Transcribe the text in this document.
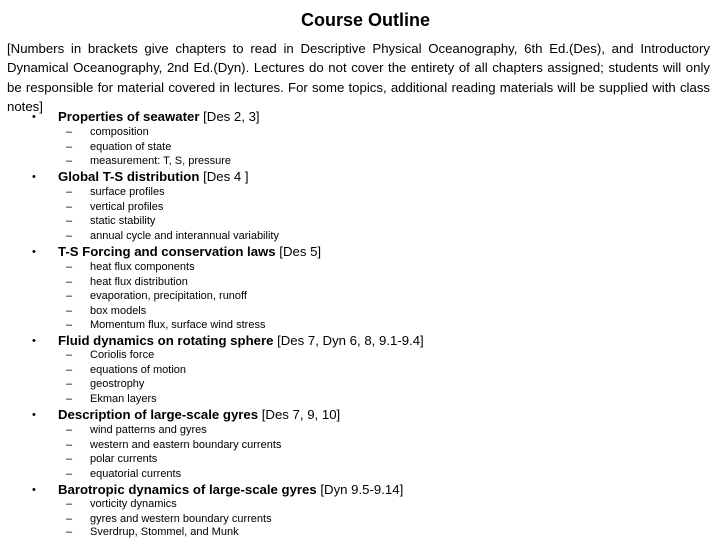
Course Outline
[Numbers in brackets give chapters to read in Descriptive Physical Oceanography, 6th Ed.(Des), and Introductory Dynamical Oceanography, 2nd Ed.(Dyn). Lectures do not cover the entirety of all chapters assigned; students will only be responsible for material covered in lectures. For some topics, additional reading materials will be supplied with class notes]
• Properties of seawater [Des 2, 3]
– composition
– equation of state
– measurement: T, S, pressure
• Global T-S distribution [Des 4 ]
– surface profiles
– vertical profiles
– static stability
– annual cycle and interannual variability
• T-S Forcing and conservation laws [Des 5]
– heat flux components
– heat flux distribution
– evaporation, precipitation, runoff
– box models
– Momentum flux, surface wind stress
• Fluid dynamics on rotating sphere [Des 7, Dyn 6, 8, 9.1-9.4]
– Coriolis force
– equations of motion
– geostrophy
– Ekman layers
• Description of large-scale gyres [Des 7, 9, 10]
– wind patterns and gyres
– western and eastern boundary currents
– polar currents
– equatorial currents
• Barotropic dynamics of large-scale gyres [Dyn 9.5-9.14]
– vorticity dynamics
– gyres and western boundary currents
– Sverdrup, Stommel, and Munk
